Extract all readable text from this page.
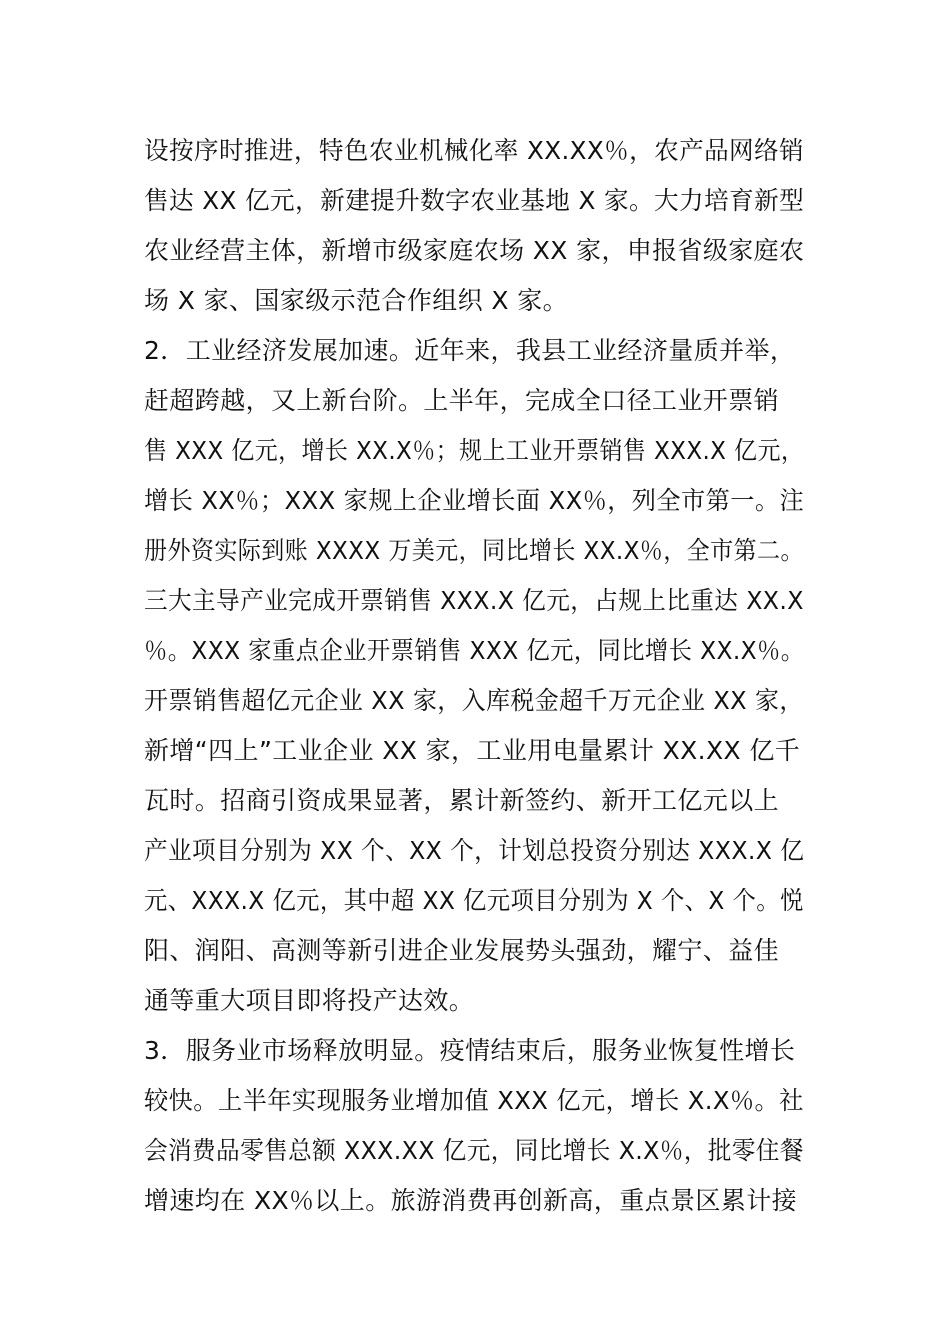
设按序时推进，特色农业机械化率 XX.XX％，农产品网络销
售达 XX 亿元，新建提升数字农业基地 X 家。大力培育新型
农业经营主体，新增市级家庭农场 XX 家，申报省级家庭农
场 X 家、国家级示范合作组织 X 家。
2．工业经济发展加速。近年来，我县工业经济量质并举，
赶超跨越，又上新台阶。上半年，完成全口径工业开票销
售 XXX 亿元，增长 XX.X％；规上工业开票销售 XXX.X 亿元，
增长 XX％；XXX 家规上企业增长面 XX％，列全市第一。注
册外资实际到账 XXXX 万美元，同比增长 XX.X％，全市第二。
三大主导产业完成开票销售 XXX.X 亿元，占规上比重达 XX.X
％。XXX 家重点企业开票销售 XXX 亿元，同比增长 XX.X％。
开票销售超亿元企业 XX 家，入库税金超千万元企业 XX 家，
新增“四上”工业企业 XX 家，工业用电量累计 XX.XX 亿千
瓦时。招商引资成果显著，累计新签约、新开工亿元以上
产业项目分别为 XX 个、XX 个，计划总投资分别达 XXX.X 亿
元、XXX.X 亿元，其中超 XX 亿元项目分别为 X 个、X 个。悦
阳、润阳、高测等新引进企业发展势头强劲，耀宁、益佳
通等重大项目即将投产达效。
3．服务业市场释放明显。疫情结束后，服务业恢复性增长
较快。上半年实现服务业增加值 XXX 亿元，增长 X.X％。社
会消费品零售总额 XXX.XX 亿元，同比增长 X.X％，批零住餐
增速均在 XX％以上。旅游消费再创新高，重点景区累计接
